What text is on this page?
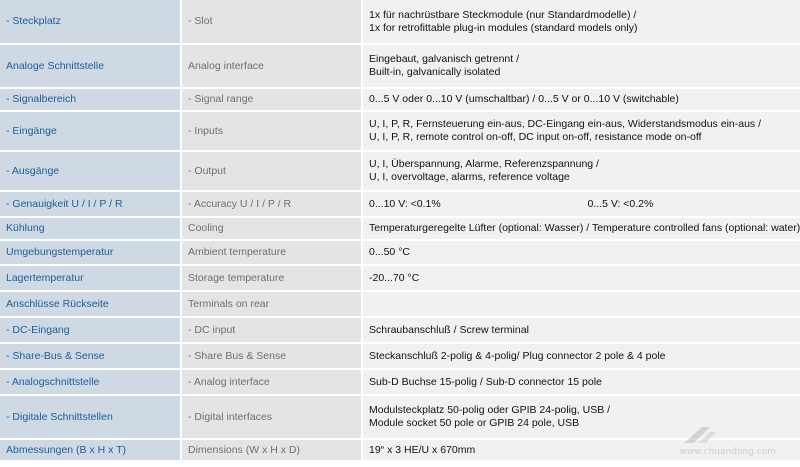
- Steckplatz	- Slot	1x für nachrüstbare Steckmodule (nur Standardmodelle) /
1x for retrofittable plug-in modules (standard models only)

Analoge Schnittstelle	Analog interface	Eingebaut, galvanisch getrennt /
Built-in, galvanically isolated

- Signalbereich	- Signal range	0...5 V oder 0...10 V (umschaltbar) / 0...5 V or 0...10 V (switchable)
- Eingänge	- Inputs	U, I, P, R, Fernsteuerung ein-aus, DC-Eingang ein-aus, Widerstandsmodus ein-aus /
U, I, P, R, remote control on-off, DC input on-off, resistance mode on-off

- Ausgänge	- Output	U, I, Überspannung, Alarme, Referenzspannung /
U, I, overvoltage, alarms, reference voltage

- Genauigkeit U / I / P / R	- Accuracy U / I / P / R	0...10 V: <0.1% 0...5 V: <0.2%

Kühlung	Cooling	Temperaturgeregelte Lüfter (optional: Wasser) / Temperature controlled fans (optional: water)
Umgebungstemperatur	Ambient temperature	0...50 °C
Lagertemperatur	Storage temperature	-20...70 °C
Anschlüsse Rückseite	Terminals on rear	
- DC-Eingang	- DC input	Schraubanschluß / Screw terminal
- Share-Bus & Sense	- Share Bus & Sense	Steckanschluß 2-polig & 4-polig/ Plug connector 2 pole & 4 pole
- Analogschnittstelle	- Analog interface	Sub-D Buchse 15-polig / Sub-D connector 15 pole
- Digitale Schnittstellen	- Digital interfaces	Modulsteckplatz 50-polig oder GPIB 24-polig, USB /
Module socket 50 pole or GPIB 24 pole, USB

Abmessungen (B x H x T)	Dimensions (W x H x D)	19“ x 3 HE/U x 670mm	www.chuandong.com
